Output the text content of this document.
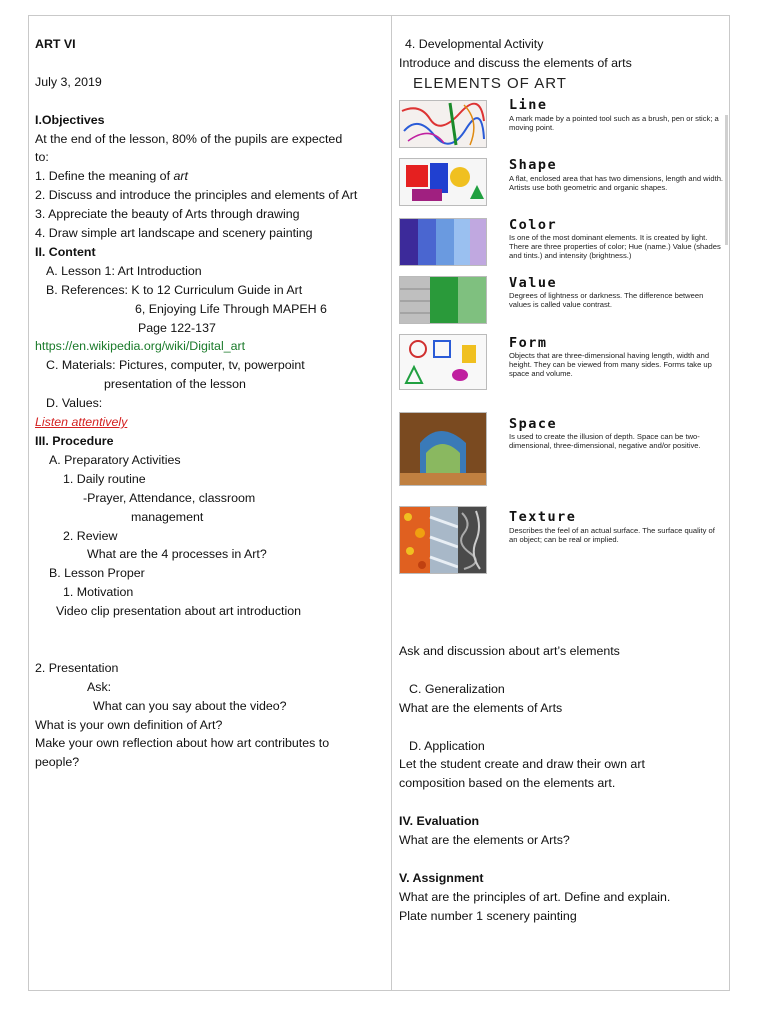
ART VI
July 3, 2019
I.Objectives
At the end of the lesson, 80% of the pupils are expected
to:
1. Define the meaning of art
2. Discuss and introduce the principles and elements of Art
3. Appreciate the beauty of Arts through drawing
4. Draw simple art landscape and scenery painting
II. Content
A. Lesson 1: Art Introduction
B. References: K to 12 Curriculum Guide in Art
6, Enjoying Life Through MAPEH 6
Page 122-137
https://en.wikipedia.org/wiki/Digital_art
C. Materials: Pictures, computer, tv, powerpoint
presentation of the lesson
D. Values:
Listen attentively
III. Procedure
A. Preparatory Activities
1. Daily routine
-Prayer, Attendance, classroom
management
2. Review
What are the 4 processes in Art?
B. Lesson Proper
1. Motivation
Video clip presentation about art introduction
2. Presentation
Ask:
What can you say about the video?
What is your own definition of Art?
Make your own reflection about how art contributes to
people?
4. Developmental Activity
Introduce and discuss the elements of arts
ELEMENTS OF ART
Line
A mark made by a pointed tool such as a brush, pen or stick; a moving point.
Shape
A flat, enclosed area that has two dimensions, length and width. Artists use both geometric and organic shapes.
Color
Is one of the most dominant elements. It is created by light. There are three properties of color; Hue (name.) Value (shades and tints.) and intensity (brightness.)
Value
Degrees of lightness or darkness. The difference between values is called value contrast.
Form
Objects that are three-dimensional having length, width and height. They can be viewed from many sides. Forms take up space and volume.
Space
Is used to create the illusion of depth. Space can be two-dimensional, three-dimensional, negative and/or positive.
Texture
Describes the feel of an actual surface. The surface quality of an object; can be real or implied.
Ask and discussion about art’s elements
C. Generalization
What are the elements of Arts
D. Application
Let the student create and draw their own art
composition based on the elements art.
IV. Evaluation
What are the elements or Arts?
V. Assignment
What are the principles of art. Define and explain.
Plate number 1 scenery painting
